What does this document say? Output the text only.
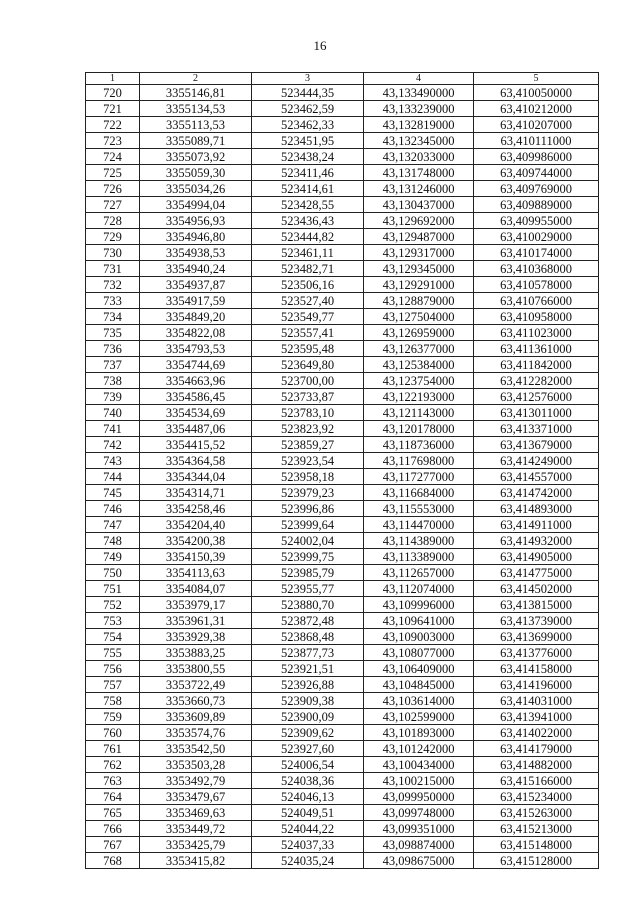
16
1	2	3	4	5
720	3355146,81	523444,35	43,133490000	63,410050000
721	3355134,53	523462,59	43,133239000	63,410212000
722	3355113,53	523462,33	43,132819000	63,410207000
723	3355089,71	523451,95	43,132345000	63,410111000
724	3355073,92	523438,24	43,132033000	63,409986000
725	3355059,30	523411,46	43,131748000	63,409744000
726	3355034,26	523414,61	43,131246000	63,409769000
727	3354994,04	523428,55	43,130437000	63,409889000
728	3354956,93	523436,43	43,129692000	63,409955000
729	3354946,80	523444,82	43,129487000	63,410029000
730	3354938,53	523461,11	43,129317000	63,410174000
731	3354940,24	523482,71	43,129345000	63,410368000
732	3354937,87	523506,16	43,129291000	63,410578000
733	3354917,59	523527,40	43,128879000	63,410766000
734	3354849,20	523549,77	43,127504000	63,410958000
735	3354822,08	523557,41	43,126959000	63,411023000
736	3354793,53	523595,48	43,126377000	63,411361000
737	3354744,69	523649,80	43,125384000	63,411842000
738	3354663,96	523700,00	43,123754000	63,412282000
739	3354586,45	523733,87	43,122193000	63,412576000
740	3354534,69	523783,10	43,121143000	63,413011000
741	3354487,06	523823,92	43,120178000	63,413371000
742	3354415,52	523859,27	43,118736000	63,413679000
743	3354364,58	523923,54	43,117698000	63,414249000
744	3354344,04	523958,18	43,117277000	63,414557000
745	3354314,71	523979,23	43,116684000	63,414742000
746	3354258,46	523996,86	43,115553000	63,414893000
747	3354204,40	523999,64	43,114470000	63,414911000
748	3354200,38	524002,04	43,114389000	63,414932000
749	3354150,39	523999,75	43,113389000	63,414905000
750	3354113,63	523985,79	43,112657000	63,414775000
751	3354084,07	523955,77	43,112074000	63,414502000
752	3353979,17	523880,70	43,109996000	63,413815000
753	3353961,31	523872,48	43,109641000	63,413739000
754	3353929,38	523868,48	43,109003000	63,413699000
755	3353883,25	523877,73	43,108077000	63,413776000
756	3353800,55	523921,51	43,106409000	63,414158000
757	3353722,49	523926,88	43,104845000	63,414196000
758	3353660,73	523909,38	43,103614000	63,414031000
759	3353609,89	523900,09	43,102599000	63,413941000
760	3353574,76	523909,62	43,101893000	63,414022000
761	3353542,50	523927,60	43,101242000	63,414179000
762	3353503,28	524006,54	43,100434000	63,414882000
763	3353492,79	524038,36	43,100215000	63,415166000
764	3353479,67	524046,13	43,099950000	63,415234000
765	3353469,63	524049,51	43,099748000	63,415263000
766	3353449,72	524044,22	43,099351000	63,415213000
767	3353425,79	524037,33	43,098874000	63,415148000
768	3353415,82	524035,24	43,098675000	63,415128000
